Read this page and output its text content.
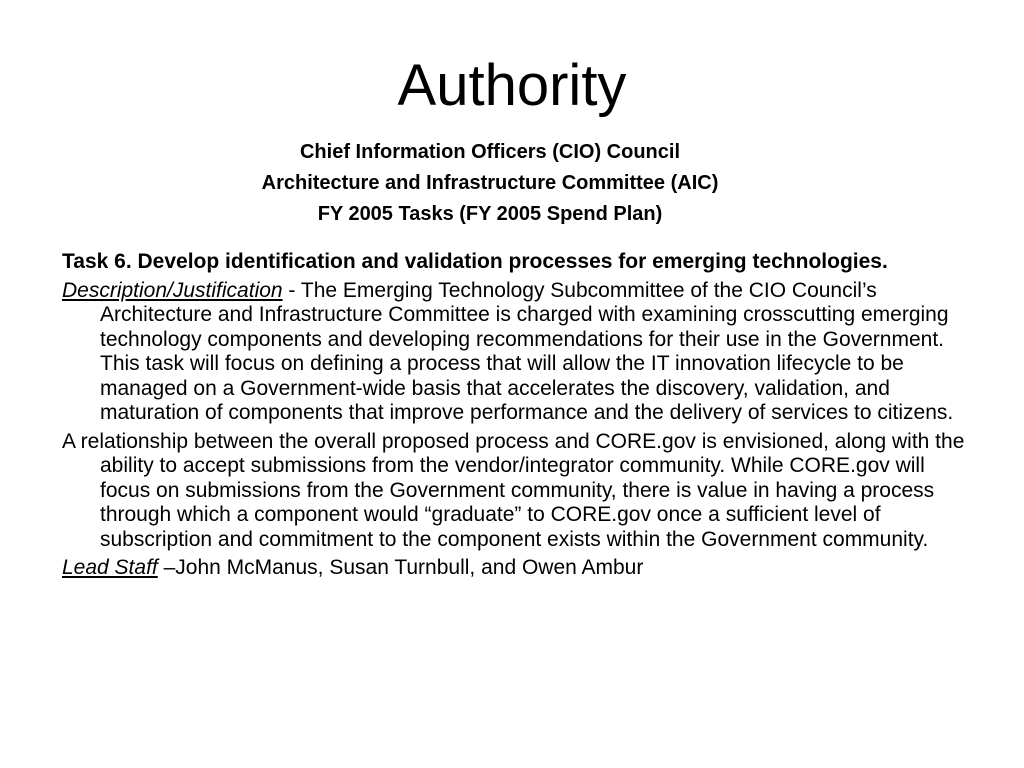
Authority
Chief Information Officers (CIO) Council
Architecture and Infrastructure Committee (AIC)
FY 2005 Tasks (FY 2005 Spend Plan)

Task 6. Develop identification and validation processes for emerging technologies.

Description/Justification - The Emerging Technology Subcommittee of the CIO Council’s Architecture and Infrastructure Committee is charged with examining crosscutting emerging technology components and developing recommendations for their use in the Government. This task will focus on defining a process that will allow the IT innovation lifecycle to be managed on a Government-wide basis that accelerates the discovery, validation, and maturation of components that improve performance and the delivery of services to citizens.

A relationship between the overall proposed process and CORE.gov is envisioned, along with the ability to accept submissions from the vendor/integrator community. While CORE.gov will focus on submissions from the Government community, there is value in having a process through which a component would “graduate” to CORE.gov once a sufficient level of subscription and commitment to the component exists within the Government community.

Lead Staff –John McManus, Susan Turnbull, and Owen Ambur
